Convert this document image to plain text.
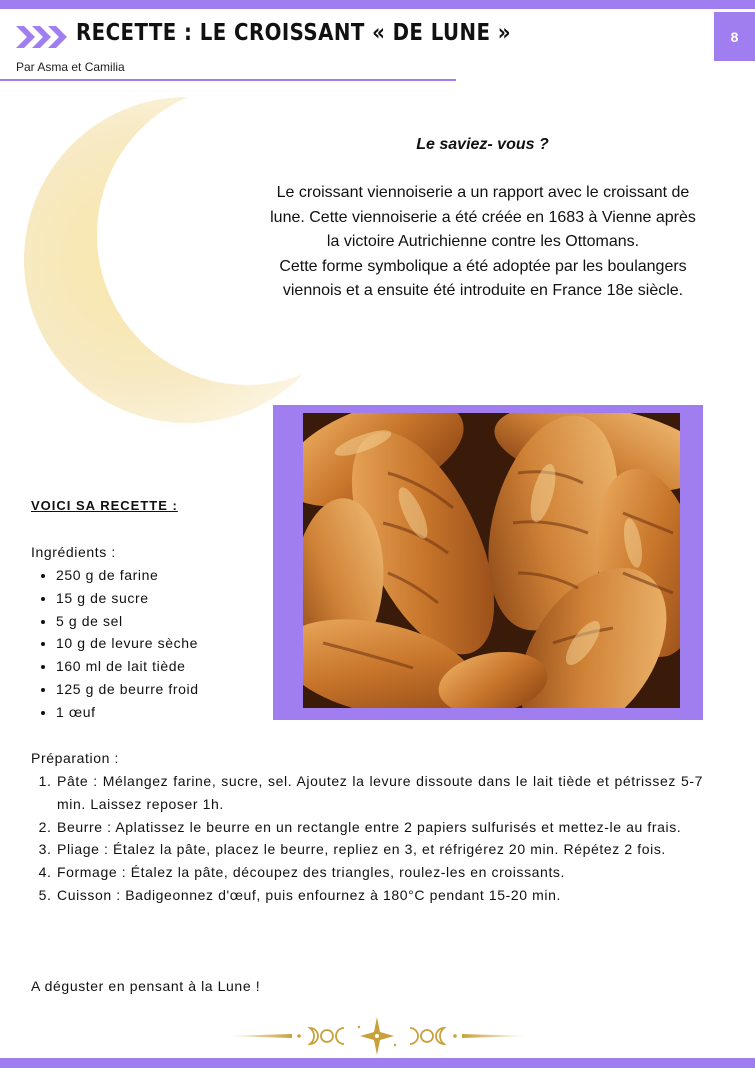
RECETTE : LE CROISSANT « DE LUNE »
Par Asma et Camilia
8
Le saviez- vous ?
Le croissant viennoiserie a un rapport avec le croissant de
lune. Cette viennoiserie a été créée en 1683 à Vienne après
la victoire Autrichienne contre les Ottomans.
Cette forme symbolique a été adoptée par les boulangers
viennois et a ensuite été introduite en France 18e siècle.
VOICI SA RECETTE :
Ingrédients :
• 250 g de farine
• 15 g de sucre
• 5 g de sel
• 10 g de levure sèche
• 160 ml de lait tiède
• 125 g de beurre froid
• 1 œuf
Préparation :
1. Pâte : Mélangez farine, sucre, sel. Ajoutez la levure dissoute dans le lait tiède et pétrissez 5-7 min. Laissez reposer 1h.
2. Beurre : Aplatissez le beurre en un rectangle entre 2 papiers sulfurisés et mettez-le au frais.
3. Pliage : Étalez la pâte, placez le beurre, repliez en 3, et réfrigérez 20 min. Répétez 2 fois.
4. Formage : Étalez la pâte, découpez des triangles, roulez-les en croissants.
5. Cuisson : Badigeonnez d'œuf, puis enfournez à 180°C pendant 15-20 min.
A déguster en pensant à la Lune !
